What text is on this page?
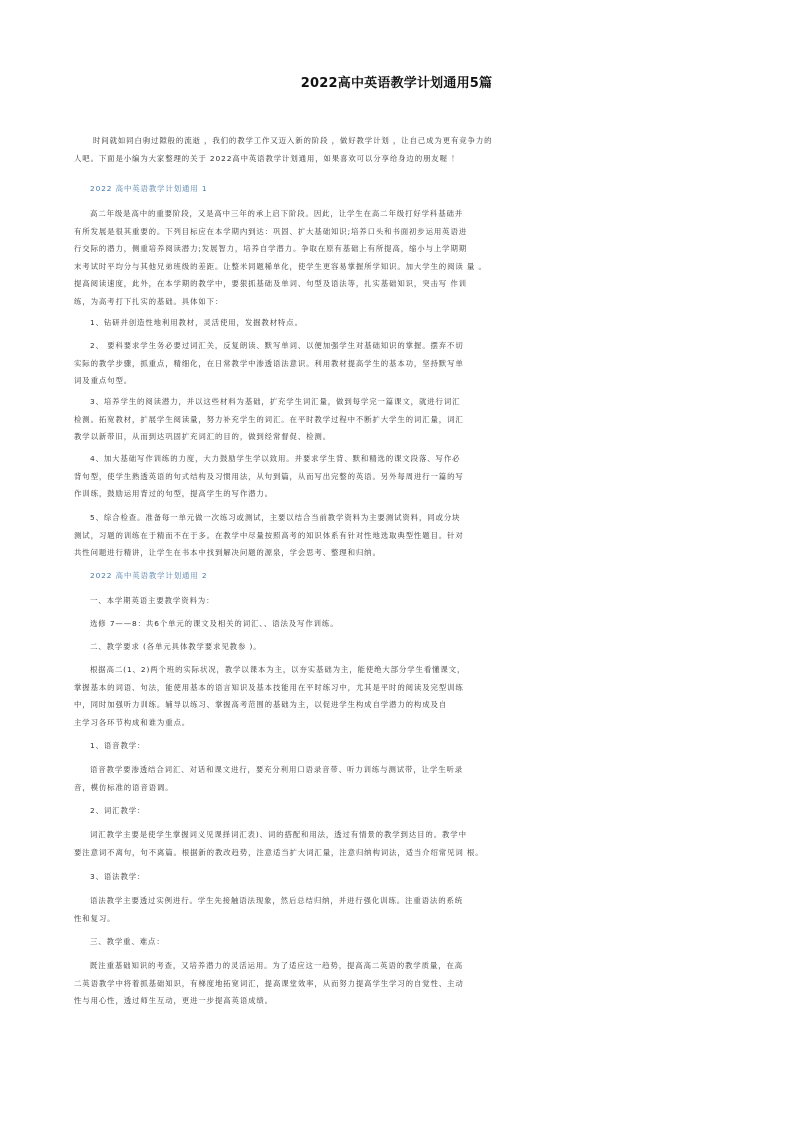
2022高中英语教学计划通用5篇

时间就如同白驹过隙般的流逝 ，我们的教学工作又迈入新的阶段 ，做好教学计划 ，让自己成为更有竞争力的
人吧。下面是小编为大家整理的关于 2022高中英语教学计划通用，如果喜欢可以分享给身边的朋友喔 ！

2022 高中英语教学计划通用 1

高二年级是高中的重要阶段，又是高中三年的承上启下阶段。因此，让学生在高二年级打好学科基础并
有所发展是很其重要的。下列目标应在本学期内到达：巩固、扩大基础知识;培养口头和书面初步运用英语进
行交际的潜力，侧重培养阅读潜力;发展智力，培养自学潜力。争取在原有基础上有所提高，缩小与上学期期
末考试时平均分与其他兄弟班级的差距。让整米同题稀单化，使学生更容易掌握所学知识。加大学生的阅读 量 。
提高阅读速度，此外，在本学期的教学中，要狠抓基础及单词、句型及语法等，扎实基础知识，突击写 作训
练，为高考打下扎实的基础。具体如下：

1、钻研并创造性地利用教材，灵活使用，发掘教材特点。

2、 要科要求学生务必要过词汇关，反复朗读、默写单词、以便加强学生对基础知识的掌握。摆弃不切
实际的教学步骤，抓重点，精细化，在日常教学中渗透语法意识。利用教材提高学生的基本功，坚持默写单
词及重点句型。

3、培养学生的阅读潜力，并以这些材料为基础，扩充学生词汇量，做到每学完一篇课文，就进行词汇
检测。拓宽教材，扩展学生阅读量，努力补充学生的词汇。在平时教学过程中不断扩大学生的词汇量，词汇
教学以新带旧，从而到达巩固扩充词汇的目的，做到经常督促、检测。

4、加大基础写作训练的力度，大力鼓励学生学以致用。并要求学生背、默和精选的课文段落、写作必
背句型，使学生熟透英语的句式结构及习惯用法，从句到篇，从而写出完整的英语。另外每周进行一篇的写
作训练，鼓励运用背过的句型，提高学生的写作潜力。

5、综合检查。准备每一单元做一次练习或测试，主要以结合当前教学资料为主要测试资料，同或分块
测试，习题的训练在于精而不在于多。在教学中尽量按照高考的知识体系有针对性地选取典型性题目。针对
共性问题进行精讲，让学生在书本中找到解决问题的源泉，学会思考、整理和归纳。

2022 高中英语教学计划通用 2

一、本学期英语主要教学资料为：

选修 7——8：共6个单元的课文及相关的词汇、、语法及写作训练。

二、教学要求 (各单元具体教学要求见教参 )。

根据高二(1、2)两个班的实际状况，教学以课本为主，以夯实基础为主，能使绝大部分学生看懂课文，
掌握基本的词语、句法，能使用基本的语言知识及基本技能用在平时练习中，尤其是平时的阅读及完型训练
中，同时加强听力训练。辅导以练习、掌握高考范围的基础为主，以促进学生构成自学潜力的构成及自
主学习各环节构成和谁为重点。

1、语音教学：

语音教学要渗透结合词汇、对话和课文进行，要充分利用口语录音带、听力训练与测试带，让学生听录
音，模仿标准的语音语调。

2、词汇教学：

词汇教学主要是使学生掌握词义见课择词汇表)、词的搭配和用法，透过有情景的教学到达目的。教学中
要注意词不离句，句不离篇。根据新的教改趋势，注意适当扩大词汇量，注意归纳构词法，适当介绍常见词 根。

3、语法教学：

语法教学主要透过实例进行。学生先接触语法现象，然后总结归纳，并进行强化训练。注重语法的系统
性和复习。

三、教学重、难点：

既注重基础知识的考查，又培养潜力的灵活运用。为了适应这一趋势，提高高二英语的教学质量，在高
二英语教学中将着抓基础知识，有梯度地拓宽词汇，提高课堂效率，从而努力提高学生学习的自觉性、主动
性与用心性，透过师生互动，更进一步提高英语成绩。
